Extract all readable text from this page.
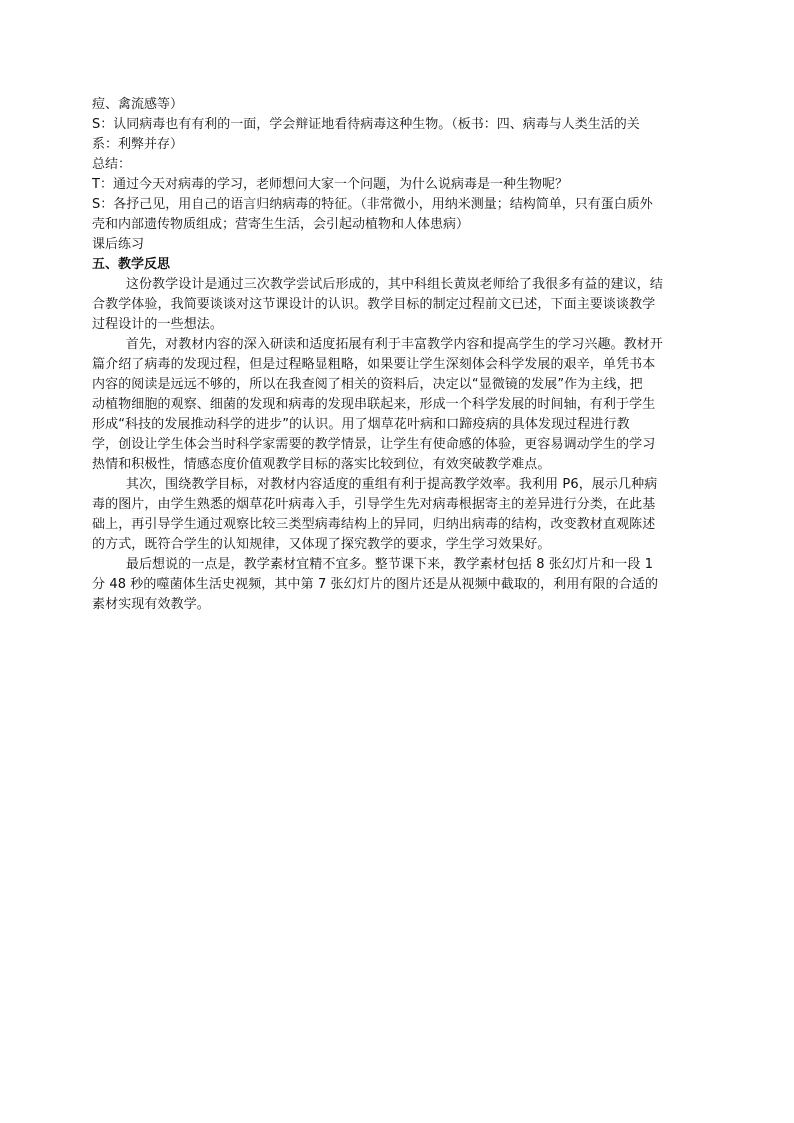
痘、禽流感等）

S：认同病毒也有有利的一面，学会辩证地看待病毒这种生物。（板书：四、病毒与人类生活的关

系：利弊并存）

总结：

T：通过今天对病毒的学习，老师想问大家一个问题，为什么说病毒是一种生物呢？

S：各抒己见，用自己的语言归纳病毒的特征。（非常微小，用纳米测量；结构简单，只有蛋白质外

壳和内部遗传物质组成；营寄生生活，会引起动植物和人体患病）

课后练习

五、教学反思

这份教学设计是通过三次教学尝试后形成的，其中科组长黄岚老师给了我很多有益的建议，结

合教学体验，我简要谈谈对这节课设计的认识。教学目标的制定过程前文已述，下面主要谈谈教学

过程设计的一些想法。

首先，对教材内容的深入研读和适度拓展有利于丰富教学内容和提高学生的学习兴趣。教材开

篇介绍了病毒的发现过程，但是过程略显粗略，如果要让学生深刻体会科学发展的艰辛，单凭书本

内容的阅读是远远不够的，所以在我查阅了相关的资料后，决定以“显微镜的发展”作为主线，把

动植物细胞的观察、细菌的发现和病毒的发现串联起来，形成一个科学发展的时间轴，有利于学生

形成“科技的发展推动科学的进步”的认识。用了烟草花叶病和口蹄疫病的具体发现过程进行教

学，创设让学生体会当时科学家需要的教学情景，让学生有使命感的体验，更容易调动学生的学习

热情和积极性，情感态度价值观教学目标的落实比较到位，有效突破教学难点。

其次，围绕教学目标，对教材内容适度的重组有利于提高教学效率。我利用 P6，展示几种病

毒的图片，由学生熟悉的烟草花叶病毒入手，引导学生先对病毒根据寄主的差异进行分类，在此基

础上，再引导学生通过观察比较三类型病毒结构上的异同，归纳出病毒的结构，改变教材直观陈述

的方式，既符合学生的认知规律，又体现了探究教学的要求，学生学习效果好。

最后想说的一点是，教学素材宜精不宜多。整节课下来，教学素材包括 8 张幻灯片和一段 1

分 48 秒的噬菌体生活史视频，其中第 7 张幻灯片的图片还是从视频中截取的，利用有限的合适的

素材实现有效教学。
